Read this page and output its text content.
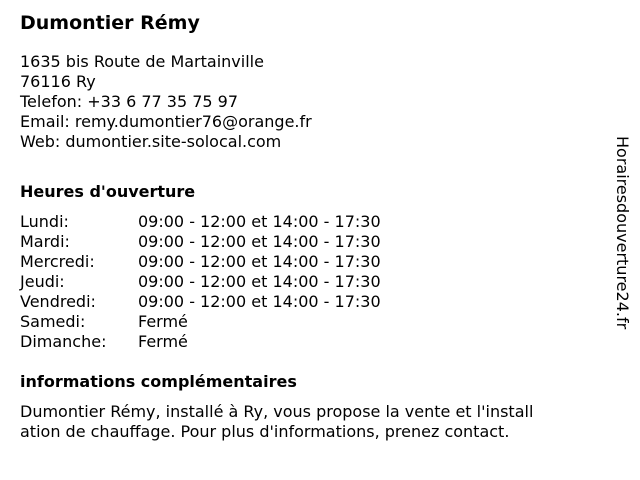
Dumontier Rémy
1635 bis Route de Martainville
76116 Ry
Telefon: +33 6 77 35 75 97
Email: remy.dumontier76@orange.fr
Web: dumontier.site-solocal.com
Heures d'ouverture
Lundi:	09:00 - 12:00 et 14:00 - 17:30
Mardi:	09:00 - 12:00 et 14:00 - 17:30
Mercredi:	09:00 - 12:00 et 14:00 - 17:30
Jeudi:	09:00 - 12:00 et 14:00 - 17:30
Vendredi:	09:00 - 12:00 et 14:00 - 17:30
Samedi:	Fermé
Dimanche:	Fermé
informations complémentaires
Dumontier Rémy, installé à Ry, vous propose la vente et l'install
ation de chauffage. Pour plus d'informations, prenez contact.
Horairesdouverture24.fr
